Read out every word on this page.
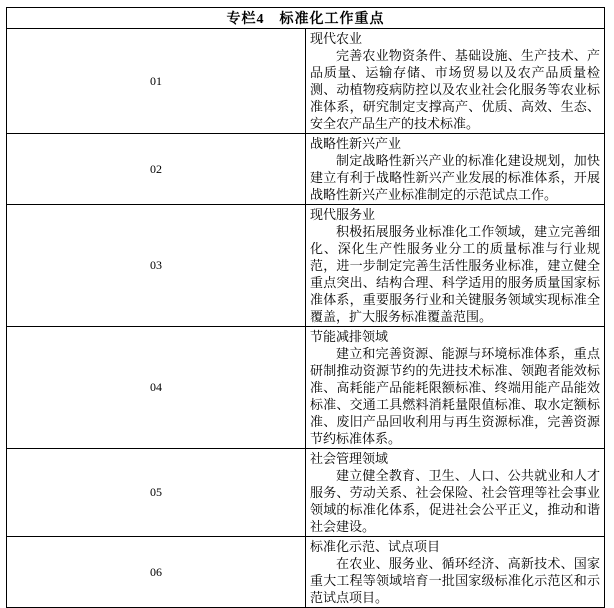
专栏4　标准化工作重点	
01	现代农业

完善农业物资条件、基础设施、生产技术、产品质量、运输存储、市场贸易以及农产品质量检测、动植物疫病防控以及农业社会化服务等农业标准体系，研究制定支撑高产、优质、高效、生态、安全农产品生产的技术标准。

02	战略性新兴产业

制定战略性新兴产业的标准化建设规划，加快建立有利于战略性新兴产业发展的标准体系，开展战略性新兴产业标准制定的示范试点工作。

03	现代服务业

积极拓展服务业标准化工作领域，建立完善细化、深化生产性服务业分工的质量标准与行业规范，进一步制定完善生活性服务业标准，建立健全重点突出、结构合理、科学适用的服务质量国家标准体系，重要服务行业和关键服务领域实现标准全覆盖，扩大服务标准覆盖范围。

04	节能减排领域

建立和完善资源、能源与环境标准体系，重点研制推动资源节约的先进技术标准、领跑者能效标准、高耗能产品能耗限额标准、终端用能产品能效标准、交通工具燃料消耗量限值标准、取水定额标准、废旧产品回收利用与再生资源标准，完善资源节约标准体系。

05	社会管理领域

建立健全教育、卫生、人口、公共就业和人才服务、劳动关系、社会保险、社会管理等社会事业领域的标准化体系，促进社会公平正义，推动和谐社会建设。

06	标准化示范、试点项目

在农业、服务业、循环经济、高新技术、国家重大工程等领域培育一批国家级标准化示范区和示范试点项目。
